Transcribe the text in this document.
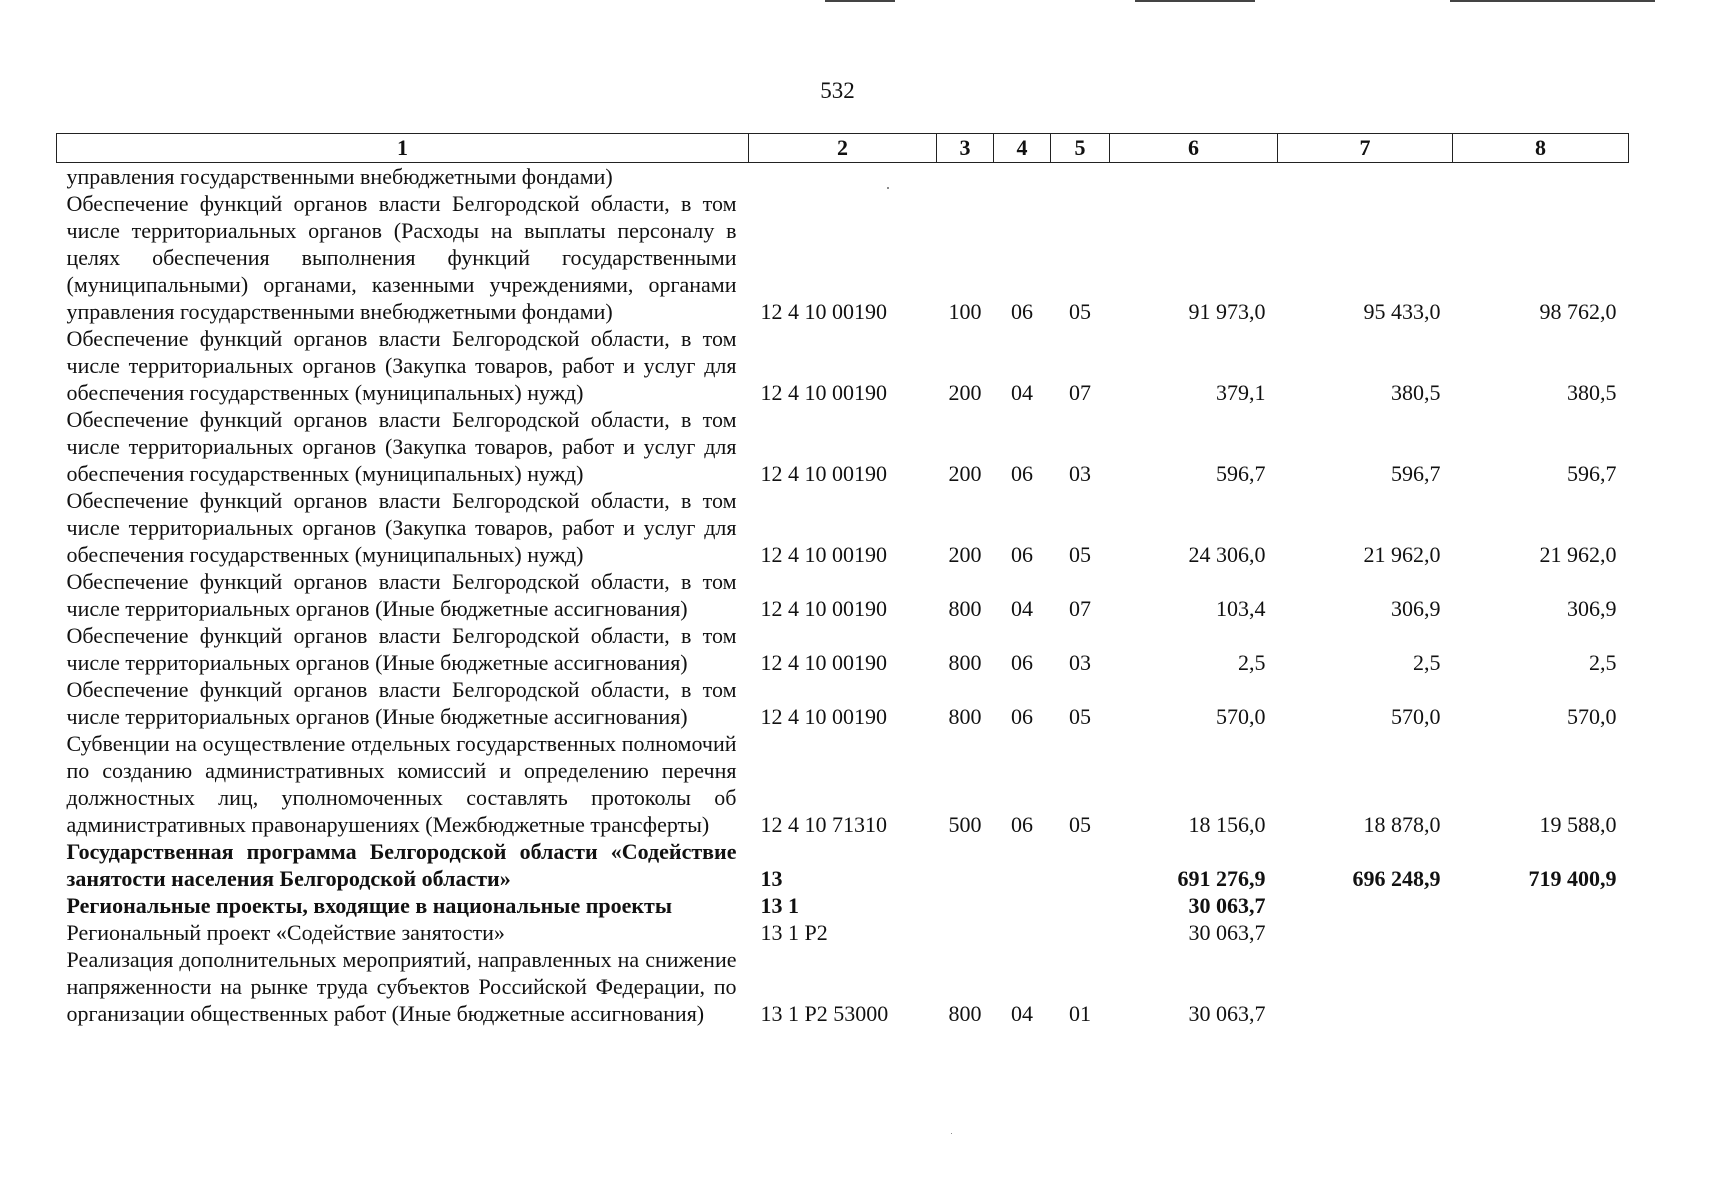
532
1	2	3	4	5	6	7	8
управления государственными внебюджетными фондами)							
Обеспечение функций органов власти Белгородской области, в том числе территориальных органов (Расходы на выплаты персоналу в целях обеспечения выполнения функций государственными (муниципальными) органами, казенными учреждениями, органами управления государственными внебюджетными фондами)	12 4 10 00190	100	06	05	91 973,0	95 433,0	98 762,0
Обеспечение функций органов власти Белгородской области, в том числе территориальных органов (Закупка товаров, работ и услуг для обеспечения государственных (муниципальных) нужд)	12 4 10 00190	200	04	07	379,1	380,5	380,5
Обеспечение функций органов власти Белгородской области, в том числе территориальных органов (Закупка товаров, работ и услуг для обеспечения государственных (муниципальных) нужд)	12 4 10 00190	200	06	03	596,7	596,7	596,7
Обеспечение функций органов власти Белгородской области, в том числе территориальных органов (Закупка товаров, работ и услуг для обеспечения государственных (муниципальных) нужд)	12 4 10 00190	200	06	05	24 306,0	21 962,0	21 962,0
Обеспечение функций органов власти Белгородской области, в том числе территориальных органов (Иные бюджетные ассигнования)	12 4 10 00190	800	04	07	103,4	306,9	306,9
Обеспечение функций органов власти Белгородской области, в том числе территориальных органов (Иные бюджетные ассигнования)	12 4 10 00190	800	06	03	2,5	2,5	2,5
Обеспечение функций органов власти Белгородской области, в том числе территориальных органов (Иные бюджетные ассигнования)	12 4 10 00190	800	06	05	570,0	570,0	570,0
Субвенции на осуществление отдельных государственных полномочий по созданию административных комиссий и определению перечня должностных лиц, уполномоченных составлять протоколы об административных правонарушениях (Межбюджетные трансферты)	12 4 10 71310	500	06	05	18 156,0	18 878,0	19 588,0
Государственная программа Белгородской области «Содействие занятости населения Белгородской области»	13				691 276,9	696 248,9	719 400,9
Региональные проекты, входящие в национальные проекты	13 1				30 063,7		
Региональный проект «Содействие занятости»	13 1 P2				30 063,7		
Реализация дополнительных мероприятий, направленных на снижение напряженности на рынке труда субъектов Российской Федерации, по организации общественных работ (Иные бюджетные ассигнования)	13 1 P2 53000	800	04	01	30 063,7		
